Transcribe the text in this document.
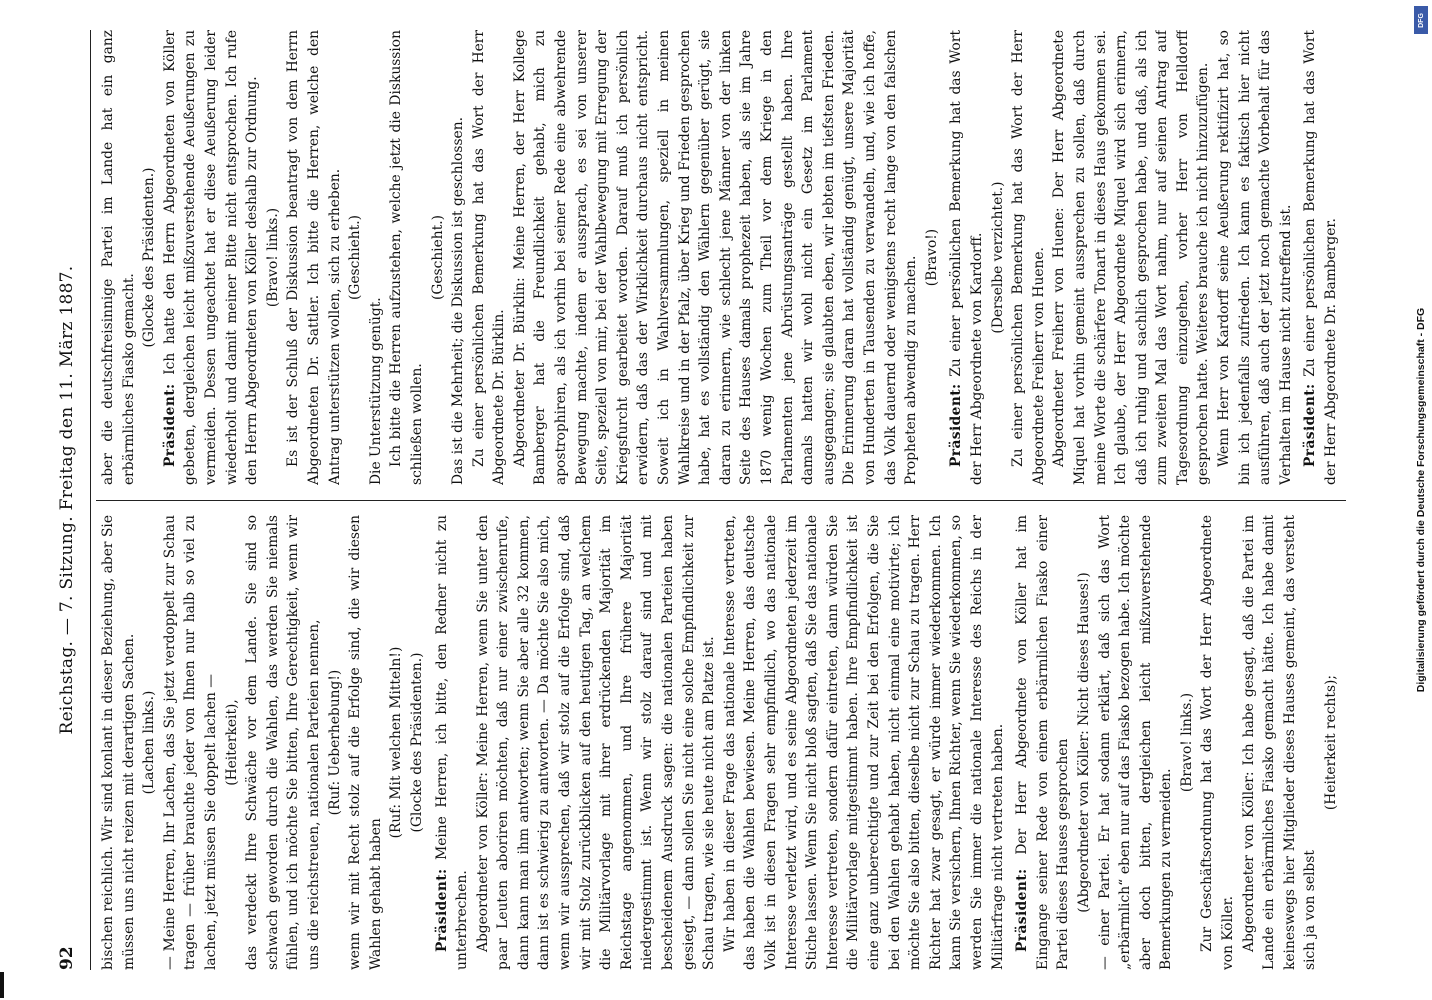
92
Reichstag. — 7. Sitzung. Freitag den 11. März 1887.

bischen reichlich. Wir sind konlant in dieser Beziehung, aber Sie müssen uns nicht reizen mit derartigen Sachen. (Lachen links.) — Meine Herren, Ihr Lachen, das Sie jetzt verdoppelt zur Schau tragen — früher brauchte jeder von Ihnen nur halb so viel zu lachen, jetzt müssen Sie doppelt lachen — (Heiterkeit), das verdeckt Ihre Schwäche vor dem Lande. Sie sind so schwach geworden durch die Wahlen, das werden Sie niemals fühlen, und ich möchte Sie bitten, Ihre Gerechtigkeit, wenn wir uns die reichstreuen, nationalen Parteien nennen, (Ruf: Ueberhebung!) wenn wir mit Recht stolz auf die Erfolge sind, die wir diesen Wahlen gehabt haben

(Ruf: Mit welchen Mitteln!) (Glocke des Präsidenten.)

Präsident: Meine Herren, ich bitte, den Redner nicht zu unterbrechen. Abgeordneter von Köller: Meine Herren, wenn Sie unter den paar Leuten aboriren möchten, daß nur einer zwischenrufe, dann kann man ihm antworten; wenn Sie aber alle 32 kommen, dann ist es schwierig zu antworten. — Da möchte Sie also mich, wenn wir aussprechen, daß wir stolz auf die Erfolge sind, daß wir mit Stolz zurückblicken auf den heutigen Tag, an welchem die Militärvorlage mit ihrer erdrückenden Majorität im Reichstage angenommen, und Ihre frühere Majorität niedergestimmt ist. Wenn wir stolz darauf sind und mit bescheidenem Ausdruck sagen: die nationalen Parteien haben gesiegt, — dann sollen Sie nicht eine solche Empfindlichkeit zur Schau tragen, wie sie heute nicht am Platze ist. Wir haben in dieser Frage das nationale Interesse vertreten, das haben die Wahlen bewiesen. Meine Herren, das deutsche Volk ist in diesen Fragen sehr empfindlich, wo das nationale Interesse verletzt wird, und es seine Abgeordneten jederzeit im Stiche lassen. Wenn Sie nicht bloß sagten, daß Sie das nationale Interesse vertreten, sondern dafür eintreten, dann würden Sie die Militärvorlage mitgestimmt haben. Ihre Empfindlichkeit ist eine ganz unberechtigte und zur Zeit bei den Erfolgen, die Sie bei den Wahlen gehabt haben, nicht einmal eine motivirte; ich möchte Sie also bitten, dieselbe nicht zur Schau zu tragen. Herr Richter hat zwar gesagt, er würde immer wiederkommen. Ich kann Sie versichern, Ihnen Richter, wenn Sie wiederkommen, so werden Sie immer die nationale Interesse des Reichs in der Militärfrage nicht vertreten haben. Präsident: Der Herr Abgeordnete von Köller hat im Eingange seiner Rede von einem erbärmlichen Fiasko einer Partei dieses Hauses gesprochen (Abgeordneter von Köller: Nicht dieses Hauses!) — einer Partei. Er hat sodann erklärt, daß sich das Wort „erbärmlich“ eben nur auf das Fiasko bezogen habe. Ich möchte aber doch bitten, dergleichen leicht mißzuverstehende Bemerkungen zu vermeiden.

(Bravo! links.) Zur Geschäftsordnung hat das Wort der Herr Abgeordnete von Köller. Abgeordneter von Köller: Ich habe gesagt, daß die Partei im Lande ein erbärmliches Fiasko gemacht hätte. Ich habe damit keineswegs hier Mitglieder dieses Hauses gemeint, das versteht sich ja von selbst

(Heiterkeit rechts);

aber die deutschfreisinnige Partei im Lande hat ein ganz erbärmliches Fiasko gemacht.

(Glocke des Präsidenten.)

Präsident: Ich hatte den Herrn Abgeordneten von Köller gebeten, dergleichen leicht mißzuverstehende Aeußerungen zu vermeiden. Dessen ungeachtet hat er diese Aeußerung leider wiederholt und damit meiner Bitte nicht entsprochen. Ich rufe den Herrn Abgeordneten von Köller deshalb zur Ordnung. (Bravo! links.) Es ist der Schluß der Diskussion beantragt von dem Herrn Abgeordneten Dr. Sattler. Ich bitte die Herren, welche den Antrag unterstützen wollen, sich zu erheben. (Geschieht.)

Die Unterstützung genügt. Ich bitte die Herren aufzustehen, welche jetzt die Diskussion schließen wollen.

(Geschieht.) Das ist die Mehrheit; die Diskussion ist geschlossen. Zu einer persönlichen Bemerkung hat das Wort der Herr Abgeordnete Dr. Bürklin. Abgeordneter Dr. Bürklin: Meine Herren, der Herr Kollege Bamberger hat die Freundlichkeit gehabt, mich zu apostrophiren, als ich vorhin bei seiner Rede eine abwehrende Bewegung machte, indem er aussprach, es sei von unserer Seite, speziell von mir, bei der Wahlbewegung mit Erregung der Kriegsfurcht gearbeitet worden. Darauf muß ich persönlich erwidern, daß das der Wirklichkeit durchaus nicht entspricht. Soweit ich in Wahlversammlungen, speziell in meinen Wahlkreise und in der Pfalz, über Krieg und Frieden gesprochen habe, hat es vollständig den Wählern gegenüber gerügt, sie daran zu erinnern, wie schlecht jene Männer von der linken Seite des Hauses damals prophezeit haben, als sie im Jahre 1870 wenig Wochen zum Theil vor dem Kriege in den Parlamenten jene Abrüstungsanträge gestellt haben. Ihre damals hatten wir wohl nicht ein Gesetz im Parlament ausgegangen; sie glaubten eben, wir lebten im tiefsten Frieden. Die Erinnerung daran hat vollständig genügt, unsere Majorität von Hunderten in Tausenden zu verwandeln, und, wie ich hoffe, das Volk dauernd oder wenigstens recht lange von den falschen Propheten abwendig zu machen. (Bravo!)

Präsident: Zu einer persönlichen Bemerkung hat das Wort der Herr Abgeordnete von Kardorff. (Derselbe verzichtet.) Zu einer persönlichen Bemerkung hat das Wort der Herr Abgeordnete Freiherr von Huene. Abgeordneter Freiherr von Huene: Der Herr Abgeordnete Miquel hat vorhin gemeint aussprechen zu sollen, daß durch meine Worte die schärfere Tonart in dieses Haus gekommen sei. Ich glaube, der Herr Abgeordnete Miquel wird sich erinnern, daß ich ruhig und sachlich gesprochen habe, und daß, als ich zum zweiten Mal das Wort nahm, nur auf seinen Antrag auf Tagesordnung einzugehen, vorher Herr von Helldorff gesprochen hatte. Weiteres brauche ich nicht hinzuzufügen. Wenn Herr von Kardorff seine Aeußerung rektifizirt hat, so bin ich jedenfalls zufrieden. Ich kann es faktisch hier nicht ausführen, daß auch der jetzt noch gemachte Vorbehalt für das Verhalten im Hause nicht zutreffend ist. Präsident: Zu einer persönlichen Bemerkung hat das Wort der Herr Abgeordnete Dr. Bamberger.	Digitalisierung gefördert durch die Deutsche Forschungsgemeinschaft - DFG
DFG
